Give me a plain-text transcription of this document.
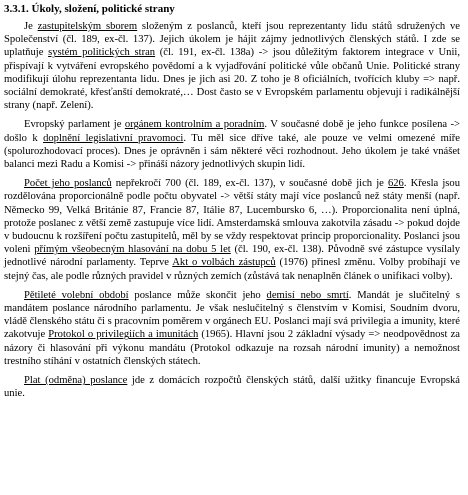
3.3.1. Úkoly, složení, politické strany

Je zastupitelským sborem složeným z poslanců, kteří jsou reprezentanty lidu států sdružených ve Společenství (čl. 189, ex-čl. 137). Jejich úkolem je hájit zájmy jednotlivých členských států. I zde se uplatňuje systém politických stran (čl. 191, ex-čl. 138a) -> jsou důležitým faktorem integrace v Unii, přispívají k vytváření evropského povědomí a k vyjadřování politické vůle občanů Unie. Politické strany modifikují úlohu reprezentanta lidu. Dnes je jich asi 20. Z toho je 8 oficiálních, tvořících kluby => např. sociální demokraté, křesťanští demokraté,… Dost často se v Evropském parlamentu objevují i radikálnější strany (např. Zelení).

Evropský parlament je orgánem kontrolním a poradním. V současné době je jeho funkce posílena -> došlo k doplnění legislativní pravomoci. Tu měl sice dříve také, ale pouze ve velmi omezené míře (spolurozhodovací proces). Dnes je oprávněn i sám některé věci rozhodnout. Jeho úkolem je také vnášet balanci mezi Radu a Komisi -> přináší názory jednotlivých skupin lidí.

Počet jeho poslanců nepřekročí 700 (čl. 189, ex-čl. 137), v současné době jich je 626. Křesla jsou rozdělována proporcionálně podle počtu obyvatel -> větší státy mají více poslanců než státy menší (např. Německo 99, Velká Británie 87, Francie 87, Itálie 87, Lucembursko 6, …). Proporcionalita není úplná, protože poslanec z větší země zastupuje více lidí. Amsterdamská smlouva zakotvila zásadu -> pokud dojde v budoucnu k rozšíření počtu zastupitelů, měl by se vždy respektovat princip proporcionality. Poslanci jsou voleni přímým všeobecným hlasování na dobu 5 let (čl. 190, ex-čl. 138). Původně své zástupce vysílaly jednotlivé národní parlamenty. Teprve Akt o volbách zástupců (1976) přinesl změnu. Volby probíhají ve stejný čas, ale podle různých pravidel v různých zemích (zůstává tak nenaplněn článek o unifikaci volby).

Pětileté volební období poslance může skončit jeho demisí nebo smrtí. Mandát je slučitelný s mandátem poslance národního parlamentu. Je však neslučitelný s členstvím v Komisi, Soudním dvoru, vládě členského státu či s pracovním poměrem v orgánech EU. Poslanci mají svá privilegia a imunity, které zakotvuje Protokol o privilegiích a imunitách (1965). Hlavní jsou 2 základní výsady => neodpovědnost za názory či hlasování při výkonu mandátu (Protokol odkazuje na rozsah národní imunity) a nemožnost trestního stíhání v ostatních členských státech.

Plat (odměna) poslance jde z domácích rozpočtů členských států, další užitky financuje Evropská unie.
